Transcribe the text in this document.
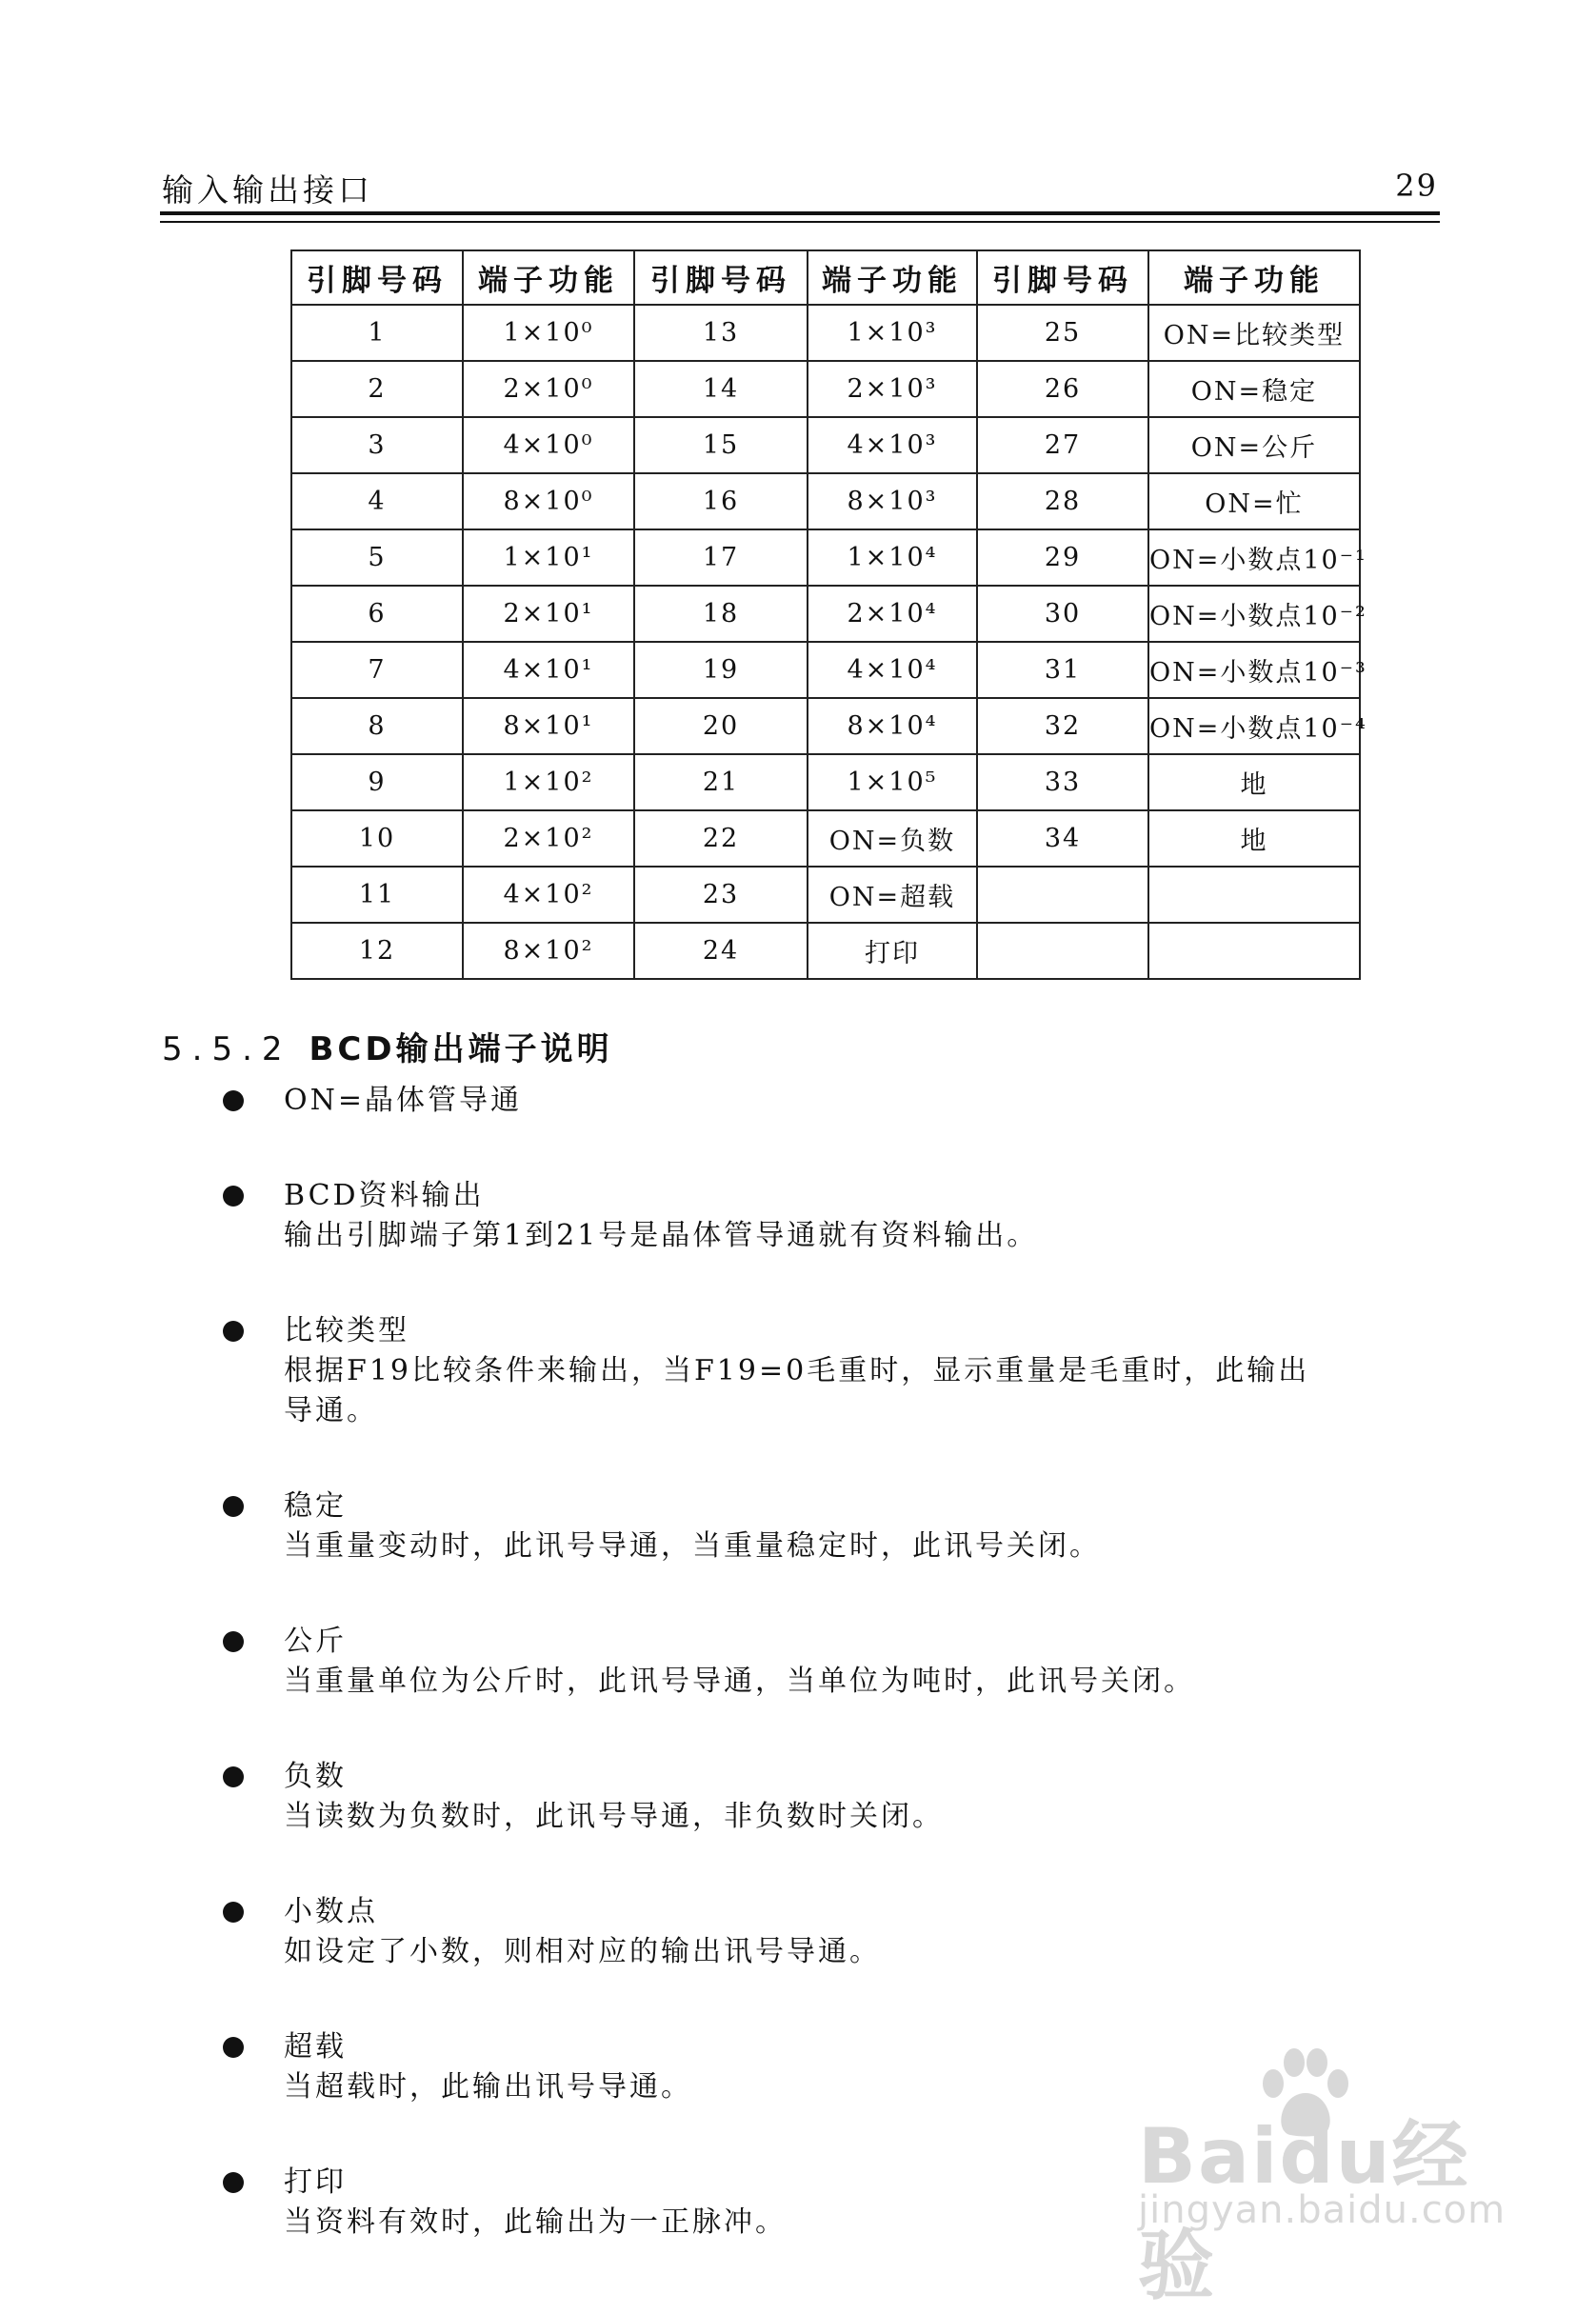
输入输出接口	29
引脚号码	端子功能	引脚号码	端子功能	引脚号码	端子功能
1	1×10⁰	13	1×10³	25	ON=比较类型
2	2×10⁰	14	2×10³	26	ON=稳定
3	4×10⁰	15	4×10³	27	ON=公斤
4	8×10⁰	16	8×10³	28	ON=忙
5	1×10¹	17	1×10⁴	29	ON=小数点10⁻¹
6	2×10¹	18	2×10⁴	30	ON=小数点10⁻²
7	4×10¹	19	4×10⁴	31	ON=小数点10⁻³
8	8×10¹	20	8×10⁴	32	ON=小数点10⁻⁴
9	1×10²	21	1×10⁵	33	地
10	2×10²	22	ON=负数	34	地
11	4×10²	23	ON=超载		
12	8×10²	24	打印		
5.5.2 BCD输出端子说明
ON=晶体管导通
BCD资料输出
输出引脚端子第1到21号是晶体管导通就有资料输出。
比较类型
根据F19比较条件来输出，当F19=0毛重时，显示重量是毛重时，此输出导通。
稳定
当重量变动时，此讯号导通，当重量稳定时，此讯号关闭。
公斤
当重量单位为公斤时，此讯号导通，当单位为吨时，此讯号关闭。
负数
当读数为负数时，此讯号导通，非负数时关闭。
小数点
如设定了小数，则相对应的输出讯号导通。
超载
当超载时，此输出讯号导通。
打印
当资料有效时，此输出为一正脉冲。
Baidu经验
jingyan.baidu.com
